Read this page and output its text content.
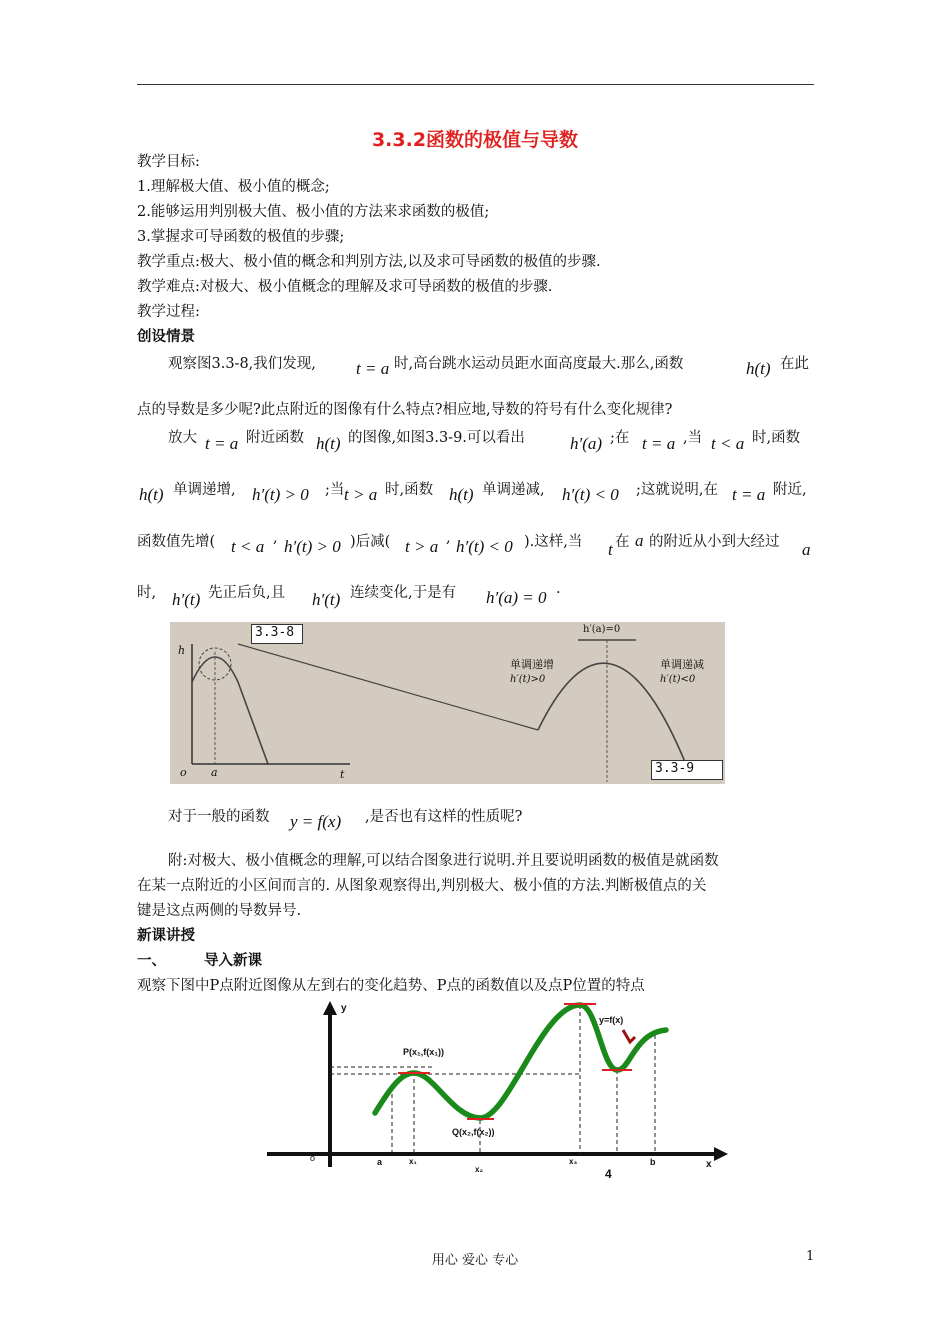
3.3.2函数的极值与导数
教学目标:
1.理解极大值、极小值的概念;
2.能够运用判别极大值、极小值的方法来求函数的极值;
3.掌握求可导函数的极值的步骤;
教学重点:极大、极小值的概念和判别方法,以及求可导函数的极值的步骤.
教学难点:对极大、极小值概念的理解及求可导函数的极值的步骤.
教学过程:
创设情景
观察图3.3-8,我们发现, t = a 时,高台跳水运动员距水面高度最大.那么,函数	h(t) 在此
点的导数是多少呢?此点附近的图像有什么特点?相应地,导数的符号有什么变化规律?
放大 t = a 附近函数 h(t) 的图像,如图3.3-9.可以看出	h′(a) ;在 t = a ,当 t < a 时,函数
h(t) 单调递增, h′(t) > 0 ;当 t > a 时,函数 h(t) 单调递减, h′(t) < 0 ;这就说明,在 t = a 附近,
函数值先增( t < a , h′(t) > 0 )后减( t > a , h′(t) < 0 ).这样,当 t 在 a 的附近从小到大经过 a
时, h′(t) 先正后负,且 h′(t) 连续变化,于是有 h′(a) = 0 .
3.3-8
3.3-9
h
t
o a
h′(a)=0
单调递增
h′(t)>0
单调递减
h′(t)<0
对于一般的函数 y = f(x) ,是否也有这样的性质呢?
附:对极大、极小值概念的理解,可以结合图象进行说明.并且要说明函数的极值是就函数
在某一点附近的小区间而言的. 从图象观察得出,判别极大、极小值的方法.判断极值点的关
键是这点两侧的导数异号.
新课讲授
一、	导入新课
观察下图中P点附近图像从左到右的变化趋势、P点的函数值以及点P位置的特点
y
x
o
y=f(x)
P(x₁,f(x₁))
Q(x₂,f(x₂))
a	x₁
x₂
x₃
4
b
用心 爱心 专心	1
